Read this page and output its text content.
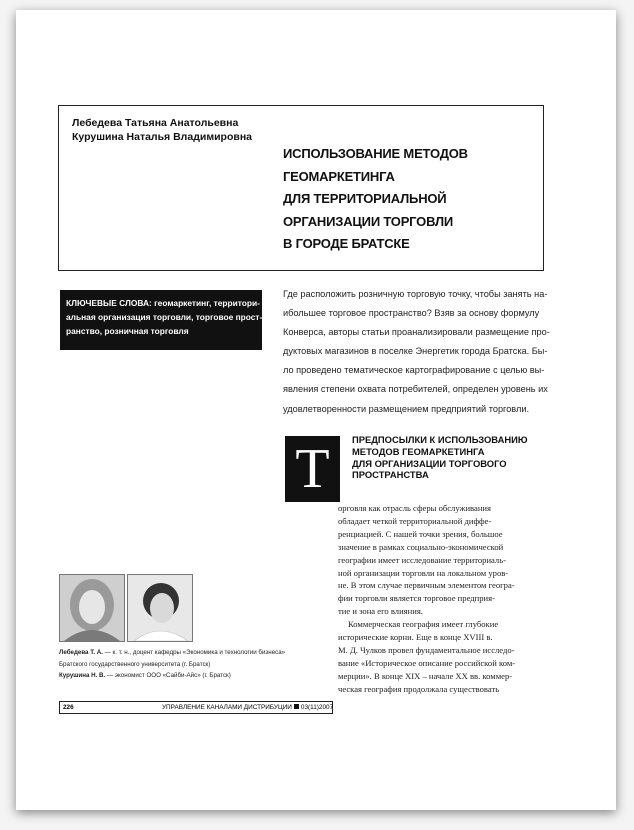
Лебедева Татьяна Анатольевна
Курушина Наталья Владимировна
ИСПОЛЬЗОВАНИЕ МЕТОДОВ
ГЕОМАРКЕТИНГА
ДЛЯ ТЕРРИТОРИАЛЬНОЙ
ОРГАНИЗАЦИИ ТОРГОВЛИ
В ГОРОДЕ БРАТСКЕ
КЛЮЧЕВЫЕ СЛОВА: геомаркетинг, территори-
альная организация торговли, торговое прост-
ранство, розничная торговля
Где расположить розничную торговую точку, чтобы занять на-
ибольшее торговое пространство? Взяв за основу формулу
Конверса, авторы статьи проанализировали размещение про-
дуктовых магазинов в поселке Энергетик города Братска. Бы-
ло проведено тематическое картографирование с целью вы-
явления степени охвата потребителей, определен уровень их
удовлетворенности размещением предприятий торговли.
Т	ПРЕДПОСЫЛКИ К ИСПОЛЬЗОВАНИЮ
МЕТОДОВ ГЕОМАРКЕТИНГА
ДЛЯ ОРГАНИЗАЦИИ ТОРГОВОГО
ПРОСТРАНСТВА
орговля как отрасль сферы обслуживания
обладает четкой территориальной диффе-
ренциацией. С нашей точки зрения, большое
значение в рамках социально-экономической
географии имеет исследование территориаль-
ной организации торговли на локальном уров-
не. В этом случае первичным элементом геогра-
фии торговли является торговое предприя-
тие и зона его влияния.
Коммерческая география имеет глубокие
исторические корни. Еще в конце XVIII в.
М. Д. Чулков провел фундаментальное исследо-
вание «Историческое описание российской ком-
мерции». В конце XIX – начале XX вв. коммер-
ческая география продолжала существовать
Лебедева Т. А. — к. т. н., доцент кафедры «Экономика и технологии бизнеса»
Братского государственного университета (г. Братск)
Курушина Н. В. — экономист ООО «Сайби-Айс» (г. Братск)
226	УПРАВЛЕНИЕ КАНАЛАМИ ДИСТРИБУЦИИ 03(11)2007
